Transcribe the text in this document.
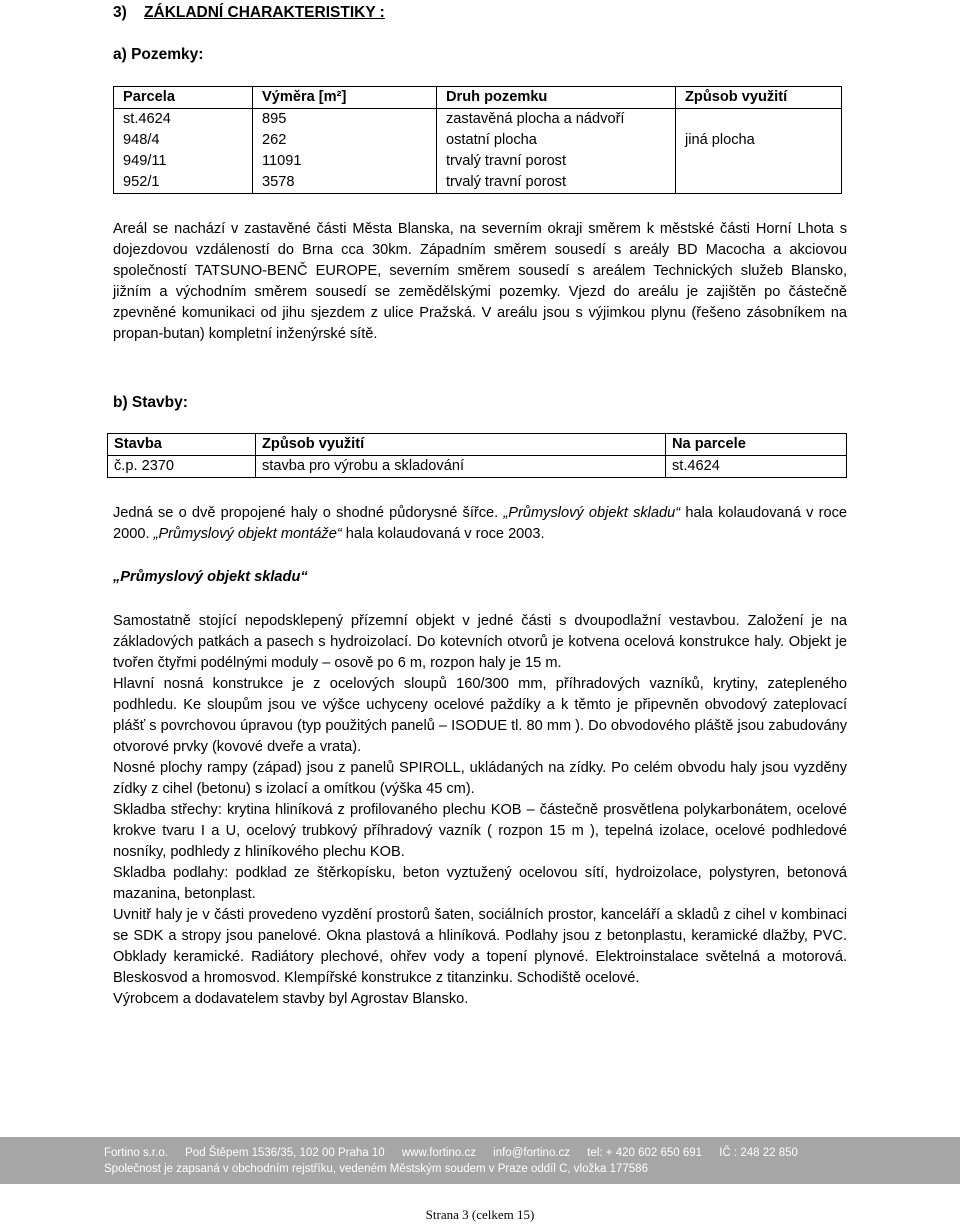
3) ZÁKLADNÍ CHARAKTERISTIKY :
a) Pozemky:
Parcela	Výměra [m²]	Druh pozemku	Způsob využití
st.4624	895	zastavěná plocha a nádvoří	
948/4	262	ostatní plocha	jiná plocha
949/11	11091	trvalý travní porost	
952/1	3578	trvalý travní porost	

Areál se nachází v zastavěné části Města Blanska, na severním okraji směrem k městské části Horní Lhota s dojezdovou vzdáleností do Brna cca 30km. Západním směrem sousedí s areály BD Macocha a akciovou společností TATSUNO-BENČ EUROPE, severním směrem sousedí s areálem Technických služeb Blansko, jižním a východním směrem sousedí se zemědělskými pozemky. Vjezd do areálu je zajištěn po částečně zpevněné komunikaci od jihu sjezdem z ulice Pražská. V areálu jsou s výjimkou plynu (řešeno zásobníkem na propan-butan) kompletní inženýrské sítě.

b) Stavby:
Stavba	Způsob využití	Na parcele
č.p. 2370	stavba pro výrobu a skladování	st.4624

Jedná se o dvě propojené haly o shodné půdorysné šířce. „Průmyslový objekt skladu“ hala kolaudovaná v roce 2000. „Průmyslový objekt montáže“ hala kolaudovaná v roce 2003.

„Průmyslový objekt skladu“

Samostatně stojící nepodsklepený přízemní objekt v jedné části s dvoupodlažní vestavbou. Založení je na základových patkách a pasech s hydroizolací. Do kotevních otvorů je kotvena ocelová konstrukce haly. Objekt je tvořen čtyřmi podélnými moduly – osově po 6 m, rozpon haly je 15 m.

Hlavní nosná konstrukce je z ocelových sloupů 160/300 mm, příhradových vazníků, krytiny, zatepleného podhledu. Ke sloupům jsou ve výšce uchyceny ocelové paždíky a k těmto je připevněn obvodový zateplovací plášť s povrchovou úpravou (typ použitých panelů – ISODUE tl. 80 mm ). Do obvodového pláště jsou zabudovány otvorové prvky (kovové dveře a vrata).

Nosné plochy rampy (západ) jsou z panelů SPIROLL, ukládaných na zídky. Po celém obvodu haly jsou vyzděny zídky z cihel (betonu) s izolací a omítkou (výška 45 cm).

Skladba střechy: krytina hliníková z profilovaného plechu KOB – částečně prosvětlena polykarbonátem, ocelové krokve tvaru I a U, ocelový trubkový příhradový vazník ( rozpon 15 m ), tepelná izolace, ocelové podhledové nosníky, podhledy z hliníkového plechu KOB.

Skladba podlahy: podklad ze štěrkopísku, beton vyztužený ocelovou sítí, hydroizolace, polystyren, betonová mazanina, betonplast.

Uvnitř haly je v části provedeno vyzdění prostorů šaten, sociálních prostor, kanceláří a skladů z cihel v kombinaci se SDK a stropy jsou panelové. Okna plastová a hliníková. Podlahy jsou z betonplastu, keramické dlažby, PVC. Obklady keramické. Radiátory plechové, ohřev vody a topení plynové. Elektroinstalace světelná a motorová. Bleskosvod a hromosvod. Klempířské konstrukce z titanzinku. Schodiště ocelové.

Výrobcem a dodavatelem stavby byl Agrostav Blansko.

Fortino s.r.o. Pod Štěpem 1536/35, 102 00 Praha 10 www.fortino.cz info@fortino.cz tel: + 420 602 650 691 IČ : 248 22 850
Společnost je zapsaná v obchodním rejstříku, vedeném Městským soudem v Praze oddíl C, vložka 177586
Strana 3 (celkem 15)
